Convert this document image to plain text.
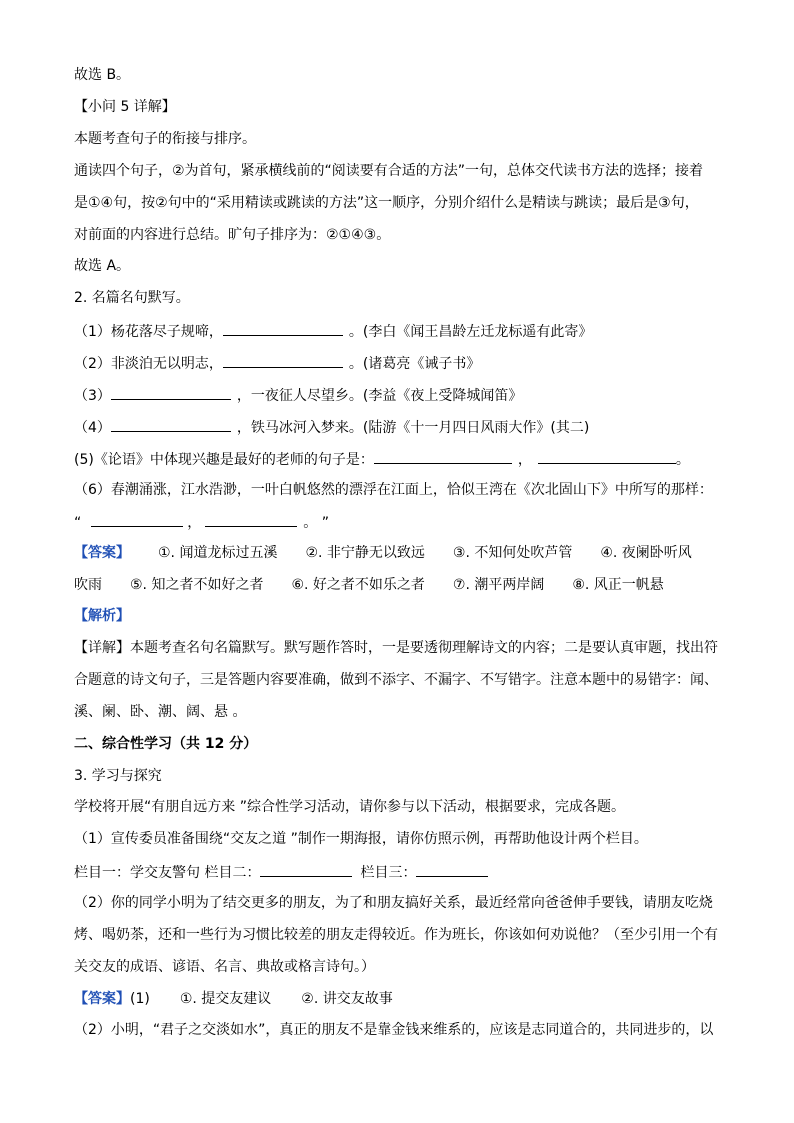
故选 B。
【小问 5 详解】
本题考查句子的衔接与排序。
通读四个句子，②为首句，紧承横线前的“阅读要有合适的方法”一句，总体交代读书方法的选择；接着
是①④句，按②句中的“采用精读或跳读的方法”这一顺序，分别介绍什么是精读与跳读；最后是③句，
对前面的内容进行总结。旷句子排序为：②①④③。
故选 A。
2. 名篇名句默写。
（1）杨花落尽子规啼，	。(李白《闻王昌龄左迁龙标遥有此寄》
（2）非淡泊无以明志，	。(诸葛亮《诫子书》
（3）	，一夜征人尽望乡。(李益《夜上受降城闻笛》
（4）	，铁马冰河入梦来。(陆游《十一月四日风雨大作》(其二)
(5)《论语》中体现兴趣是最好的老师的句子是：	，	。
（6）春潮涌涨，江水浩渺，一叶白帆悠然的漂浮在江面上，恰似王湾在《次北固山下》中所写的那样：
“	，	。 ”
【答案】 ①. 闻道龙标过五溪 ②. 非宁静无以致远 ③. 不知何处吹芦管 ④. 夜阑卧听风
吹雨 ⑤. 知之者不如好之者 ⑥. 好之者不如乐之者 ⑦. 潮平两岸阔 ⑧. 风正一帆悬
【解析】
【详解】本题考查名句名篇默写。默写题作答时，一是要透彻理解诗文的内容；二是要认真审题，找出符
合题意的诗文句子，三是答题内容要准确，做到不添字、不漏字、不写错字。注意本题中的易错字：闻、
溪、阑、卧、潮、阔、悬 。
二、综合性学习（共 12 分）
3. 学习与探究
学校将开展“有朋自远方来 ”综合性学习活动，请你参与以下活动，根据要求，完成各题。
（1）宣传委员准备围绕“交友之道 ”制作一期海报，请你仿照示例，再帮助他设计两个栏目。
栏目一：学交友警句 栏目二：	栏目三：
（2）你的同学小明为了结交更多的朋友，为了和朋友搞好关系，最近经常向爸爸伸手要钱，请朋友吃烧
烤、喝奶茶，还和一些行为习惯比较差的朋友走得较近。作为班长，你该如何劝说他？（至少引用一个有
关交友的成语、谚语、名言、典故或格言诗句。）
【答案】(1) ①. 提交友建议 ②. 讲交友故事
（2）小明，“君子之交淡如水”，真正的朋友不是靠金钱来维系的，应该是志同道合的，共同进步的，以
